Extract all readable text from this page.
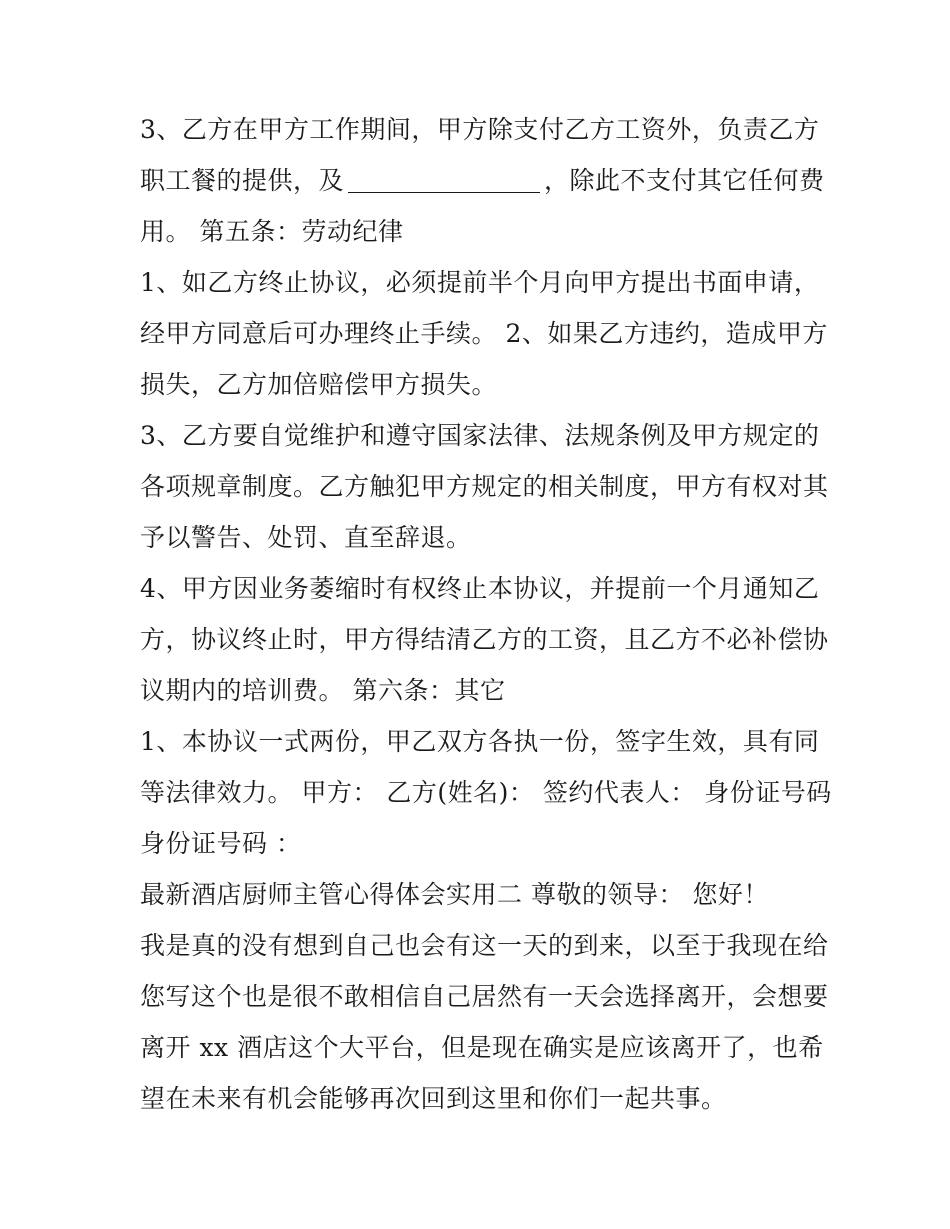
3、乙方在甲方工作期间，甲方除支付乙方工资外，负责乙方
职工餐的提供，及	，除此不支付其它任何费
用。 第五条：劳动纪律
1、如乙方终止协议，必须提前半个月向甲方提出书面申请，
经甲方同意后可办理终止手续。 2、如果乙方违约，造成甲方
损失，乙方加倍赔偿甲方损失。
3、乙方要自觉维护和遵守国家法律、法规条例及甲方规定的
各项规章制度。乙方触犯甲方规定的相关制度，甲方有权对其
予以警告、处罚、直至辞退。
4、甲方因业务萎缩时有权终止本协议，并提前一个月通知乙
方，协议终止时，甲方得结清乙方的工资，且乙方不必补偿协
议期内的培训费。 第六条：其它
1、本协议一式两份，甲乙双方各执一份，签字生效，具有同
等法律效力。 甲方： 乙方(姓名)： 签约代表人： 身份证号码
身份证号码 ：
最新酒店厨师主管心得体会实用二 尊敬的领导： 您好！
我是真的没有想到自己也会有这一天的到来，以至于我现在给
您写这个也是很不敢相信自己居然有一天会选择离开，会想要
离开 xx 酒店这个大平台，但是现在确实是应该离开了，也希
望在未来有机会能够再次回到这里和你们一起共事。
